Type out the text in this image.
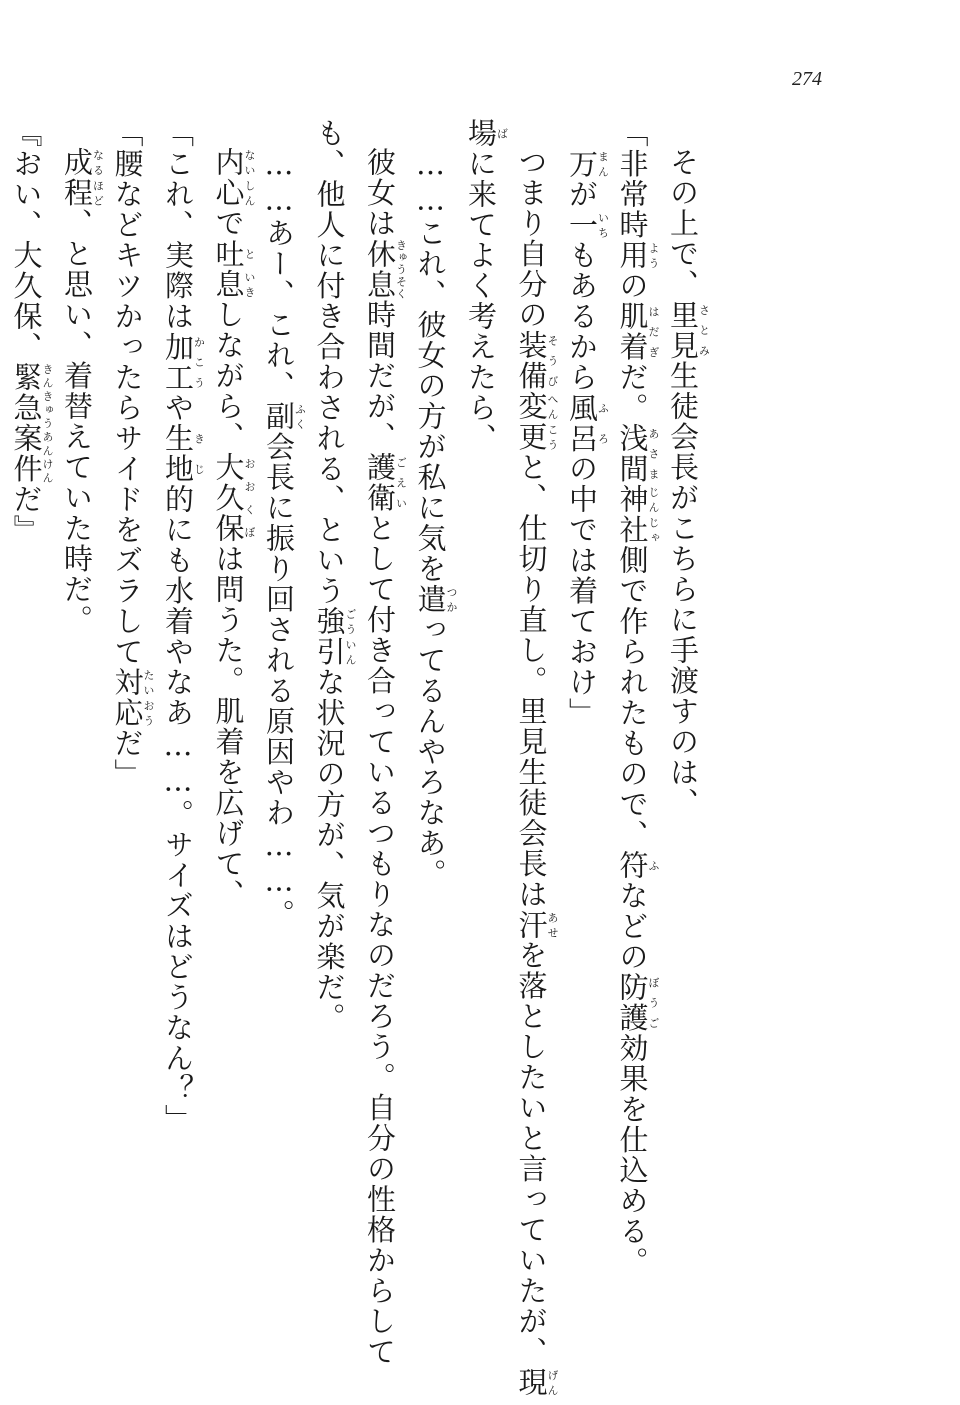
274

その上で、里見さとみ生徒会長がこちらに手渡すのは、

「非常時用ようの肌着はだぎだ。浅間あさま神社じんじゃ側で作られたもので、符ふなどの防護ぼうご効果を仕込める。

　万まんが一いちもあるから風呂ふろの中では着ておけ」

つまり自分の装備そうび変更へんこうと、仕切り直し。里見生徒会長は汗あせを落としたいと言っていたが、現げん

場ばに来てよく考えたら、

……これ、彼女の方が私に気を遣つかってるんやろなあ。

彼女は休息きゅうそく時間だが、護衛ごえいとして付き合っているつもりなのだろう。自分の性格からして

も、他人に付き合わされる、という強引ごういんな状況の方が、気が楽だ。

……あー、これ、副ふく会長に振り回される原因やわ……。

内心ないしんで吐と息いきしながら、大久保おおくぼは問うた。肌着を広げて、

「これ、実際は加工かこうや生地きじ的にも水着やなあ……。サイズはどうなん？」

「腰などキツかったらサイドをズラして対応たいおうだ」

成程なるほど、と思い、着替えていた時だ。

『おい、大久保、緊急案件きんきゅうあんけんだ』
